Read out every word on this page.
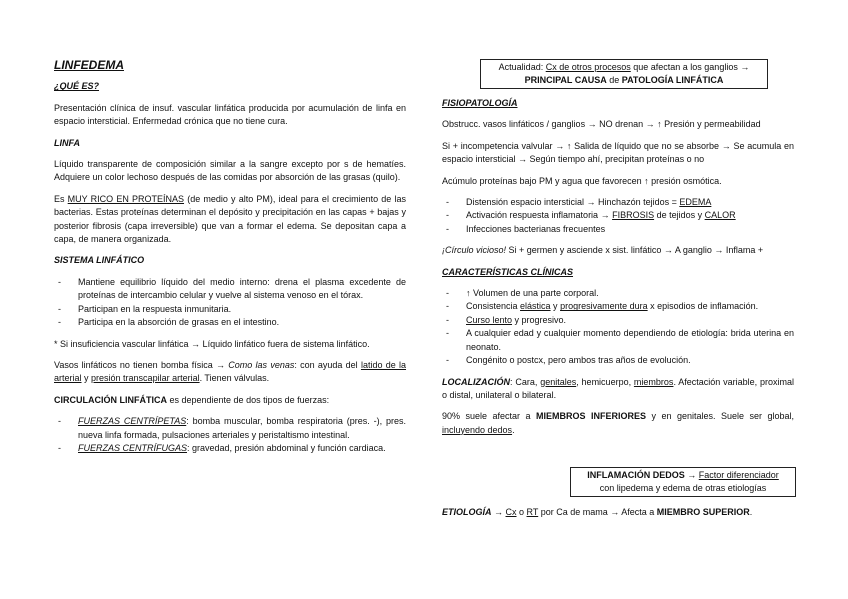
LINFEDEMA
¿QUÉ ES?

Presentación clínica de insuf. vascular linfática producida por acumulación de linfa en espacio intersticial. Enfermedad crónica que no tiene cura.

LINFA

Líquido transparente de composición similar a la sangre excepto por s de hematíes. Adquiere un color lechoso después de las comidas por absorción de las grasas (quilo).

Es MUY RICO EN PROTEÍNAS (de medio y alto PM), ideal para el crecimiento de las bacterias. Estas proteínas determinan el depósito y precipitación en las capas + bajas y posterior fibrosis (capa irreversible) que van a formar el edema. Se depositan capa a capa, de manera organizada.

SISTEMA LINFÁTICO
- Mantiene equilibrio líquido del medio interno: drena el plasma excedente de proteínas de intercambio celular y vuelve al sistema venoso en el tórax.
- Participan en la respuesta inmunitaria.
- Participa en la absorción de grasas en el intestino.

* Si insuficiencia vascular linfática → Líquido linfático fuera de sistema linfático.

Vasos linfáticos no tienen bomba física → Como las venas: con ayuda del latido de la arterial y presión transcapilar arterial. Tienen válvulas.

CIRCULACIÓN LINFÁTICA es dependiente de dos tipos de fuerzas:

- FUERZAS CENTRÍPETAS: bomba muscular, bomba respiratoria (pres. -), pres. nueva linfa formada, pulsaciones arteriales y peristaltismo intestinal.
- FUERZAS CENTRÍFUGAS: gravedad, presión abdominal y función cardiaca.
Actualidad: Cx de otros procesos que afectan a los ganglios → PRINCIPAL CAUSA de PATOLOGÍA LINFÁTICA
FISIOPATOLOGÍA

Obstrucc. vasos linfáticos / ganglios → NO drenan → ↑ Presión y permeabilidad

Si + incompetencia valvular → ↑ Salida de líquido que no se absorbe → Se acumula en espacio intersticial → Según tiempo ahí, precipitan proteínas o no

Acúmulo proteínas bajo PM y agua que favorecen ↑ presión osmótica.

- Distensión espacio intersticial → Hinchazón tejidos = EDEMA
- Activación respuesta inflamatoria → FIBROSIS de tejidos y CALOR
- Infecciones bacterianas frecuentes

¡Círculo vicioso! Si + germen y asciende x sist. linfático → A ganglio → Inflama +

CARACTERÍSTICAS CLÍNICAS
- ↑ Volumen de una parte corporal.
- Consistencia elástica y progresivamente dura x episodios de inflamación.
- Curso lento y progresivo.
- A cualquier edad y cualquier momento dependiendo de etiología: brida uterina en neonato.
- Congénito o postcx, pero ambos tras años de evolución.

LOCALIZACIÓN: Cara, genitales, hemicuerpo, miembros. Afectación variable, proximal o distal, unilateral o bilateral.

90% suele afectar a MIEMBROS INFERIORES y en genitales. Suele ser global, incluyendo dedos.

INFLAMACIÓN DEDOS → Factor diferenciador
con lipedema y edema de otras etiologías

ETIOLOGÍA → Cx o RT por Ca de mama → Afecta a MIEMBRO SUPERIOR.
